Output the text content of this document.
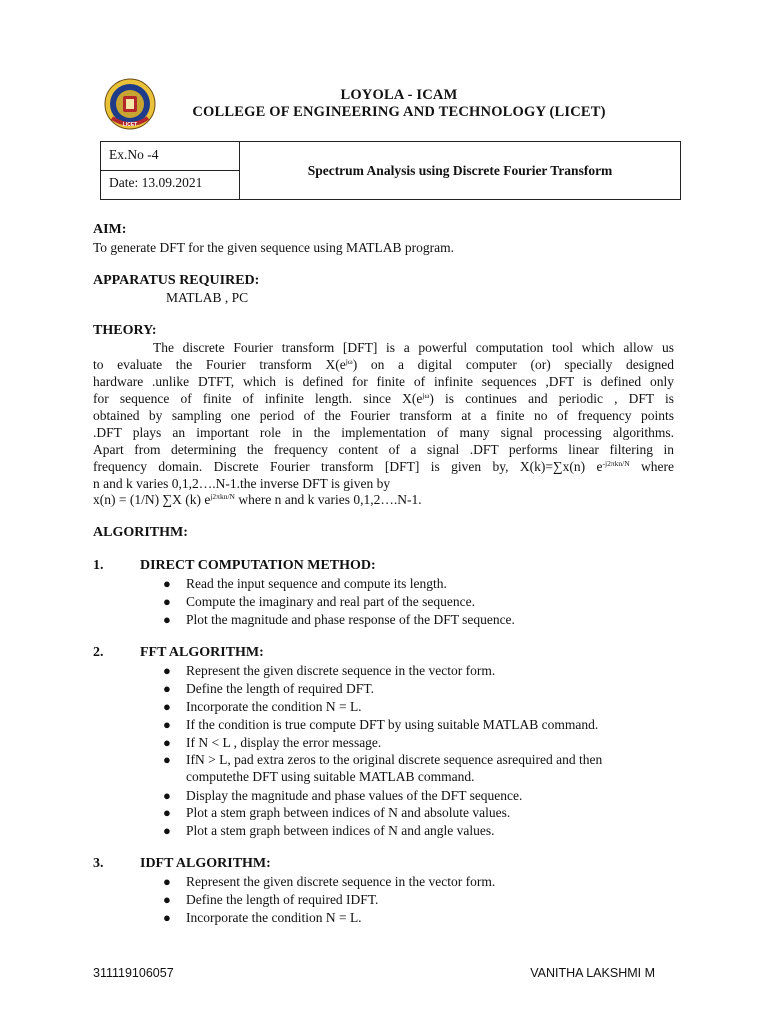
LICET
LOYOLA - ICAM
COLLEGE OF ENGINEERING AND TECHNOLOGY (LICET)
Ex.No -4
Date: 13.09.2021
Spectrum Analysis using Discrete Fourier Transform
AIM:
To generate DFT for the given sequence using MATLAB program.
APPARATUS REQUIRED:
MATLAB , PC
THEORY:
The discrete Fourier transform [DFT] is a powerful computation tool which allow us
to evaluate the Fourier transform $X(e^{j\omega})$ on a digital computer (or) specially designed
hardware .unlike DTFT, which is defined for finite of infinite sequences ,DFT is defined only
for sequence of finite of infinite length. since $X(e^{j\omega})$ is continues and periodic , DFT is
obtained by sampling one period of the Fourier transform at a finite no of frequency points
.DFT plays an important role in the implementation of many signal processing algorithms.
Apart from determining the frequency content of a signal .DFT performs linear filtering in
frequency domain. Discrete Fourier transform [DFT] is given by, X(k)=∑x(n) $e^{-j2\pi kn/N}$ where
n and k varies 0,1,2….N-1.the inverse DFT is given by
x(n) = (1/N) ∑X (k) $e^{j2\pi kn/N}$ where n and k varies 0,1,2….N-1.
ALGORITHM:
1.	DIRECT COMPUTATION METHOD:
● Read the input sequence and compute its length.
● Compute the imaginary and real part of the sequence.
● Plot the magnitude and phase response of the DFT sequence.
2.	FFT ALGORITHM:
● Represent the given discrete sequence in the vector form.
● Define the length of required DFT.
● Incorporate the condition N = L.
● If the condition is true compute DFT by using suitable MATLAB command.
● If N < L , display the error message.
● IfN > L, pad extra zeros to the original discrete sequence asrequired and then
computethe DFT using suitable MATLAB command.
● Display the magnitude and phase values of the DFT sequence.
● Plot a stem graph between indices of N and absolute values.
● Plot a stem graph between indices of N and angle values.
3.	IDFT ALGORITHM:
● Represent the given discrete sequence in the vector form.
● Define the length of required IDFT.
● Incorporate the condition N = L.
311119106057	VANITHA LAKSHMI M
